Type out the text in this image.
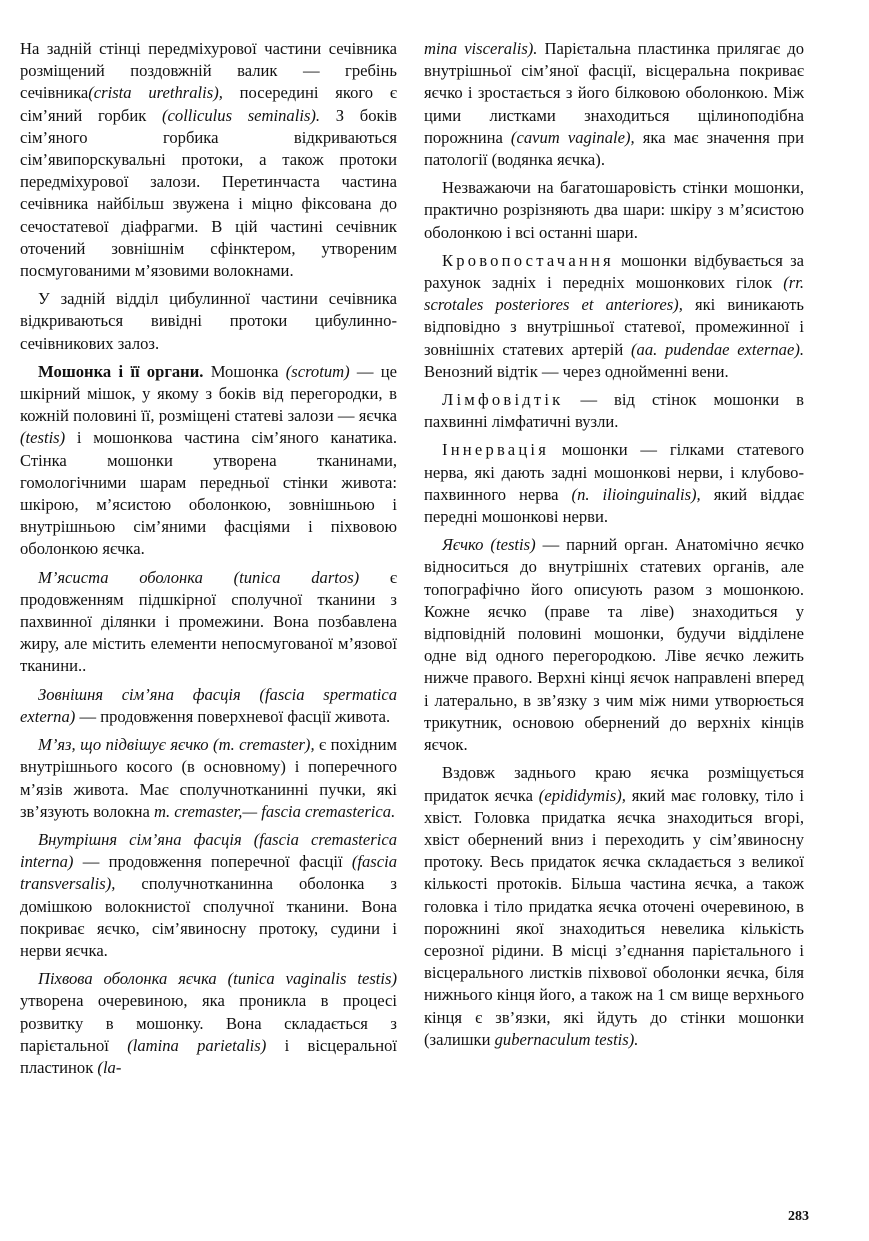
На задній стінці передміхурової частини сечівника розміщений поздовжній валик — гребінь сечівника(crista urethralis), посередині якого є сім’яний горбик (colliculus seminalis). З боків сім’яного горбика відкриваються сім’явипорскувальні протоки, а також протоки передміхурової залози. Перетинчаста частина сечівника найбільш звужена і міцно фіксована до сечостатевої діафрагми. В цій частині сечівник оточений зовнішнім сфінктером, утвореним посмугованими м’язовими волокнами.

У задній відділ цибулинної частини сечівника відкриваються вивідні протоки цибулинно-сечівникових залоз.

Мошонка і її органи. Мошонка (scrotum) — це шкірний мішок, у якому з боків від перегородки, в кожній половині її, розміщені статеві залози — яєчка (testis) і мошонкова частина сім’яного канатика. Стінка мошонки утворена тканинами, гомологічними шарам передньої стінки живота: шкірою, м’ясистою оболонкою, зовнішньою і внутрішньою сім’яними фасціями і піхвовою оболонкою яєчка.

М’ясиста оболонка (tunica dartos) є продовженням підшкірної сполучної тканини з пахвинної ділянки і промежини. Вона позбавлена жиру, але містить елементи непосмугованої м’язової тканини..

Зовнішня сім’яна фасція (fascia spermatica externa) — продовження поверхневої фасції живота.

М’яз, що підвішує яєчко (m. cremaster), є похідним внутрішнього косого (в основному) і поперечного м’язів живота. Має сполучнотканинні пучки, які зв’язують волокна m. cremaster,— fascia cremasterica.

Внутрішня сім’яна фасція (fascia cremasterica interna) — продовження поперечної фасції (fascia transversalis), сполучнотканинна оболонка з домішкою волокнистої сполучної тканини. Вона покриває яєчко, сім’явиносну протоку, судини і нерви яєчка.

Піхвова оболонка яєчка (tunica vaginalis testis) утворена очеревиною, яка проникла в процесі розвитку в мошонку. Вона складається з парієтальної (lamina parietalis) і вісцеральної пластинок (la-

mina visceralis). Парієтальна пластинка прилягає до внутрішньої сім’яної фасції, вісцеральна покриває яєчко і зростається з його білковою оболонкою. Між цими листками знаходиться щілиноподібна порожнина (cavum vaginale), яка має значення при патології (водянка яєчка).

Незважаючи на багатошаровість стінки мошонки, практично розрізняють два шари: шкіру з м’ясистою оболонкою і всі останні шари.

Кровопостачання мошонки відбувається за рахунок задніх і передніх мошонкових гілок (rr. scrotales posteriores et anteriores), які виникають відповідно з внутрішньої статевої, промежинної і зовнішніх статевих артерій (aa. pudendae externae). Венозний відтік — через однойменні вени.

Лімфовідтік — від стінок мошонки в пахвинні лімфатичні вузли.

Іннервація мошонки — гілками статевого нерва, які дають задні мошонкові нерви, і клубово-пахвинного нерва (n. ilioinguinalis), який віддає передні мошонкові нерви.

Яєчко (testis) — парний орган. Анатомічно яєчко відноситься до внутрішніх статевих органів, але топографічно його описують разом з мошонкою. Кожне яєчко (праве та ліве) знаходиться у відповідній половині мошонки, будучи відділене одне від одного перегородкою. Ліве яєчко лежить нижче правого. Верхні кінці яєчок направлені вперед і латерально, в зв’язку з чим між ними утворюється трикутник, основою обернений до верхніх кінців яєчок.

Вздовж заднього краю яєчка розміщується придаток яєчка (epididymis), який має головку, тіло і хвіст. Головка придатка яєчка знаходиться вгорі, хвіст обернений вниз і переходить у сім’явиносну протоку. Весь придаток яєчка складається з великої кількості протоків. Більша частина яєчка, а також головка і тіло придатка яєчка оточені очеревиною, в порожнині якої знаходиться невелика кількість серозної рідини. В місці з’єднання парієтального і вісцерального листків піхвової оболонки яєчка, біля нижнього кінця його, а також на 1 см вище верхнього кінця є зв’язки, які йдуть до стінки мошонки (залишки gubernaculum testis).

283
